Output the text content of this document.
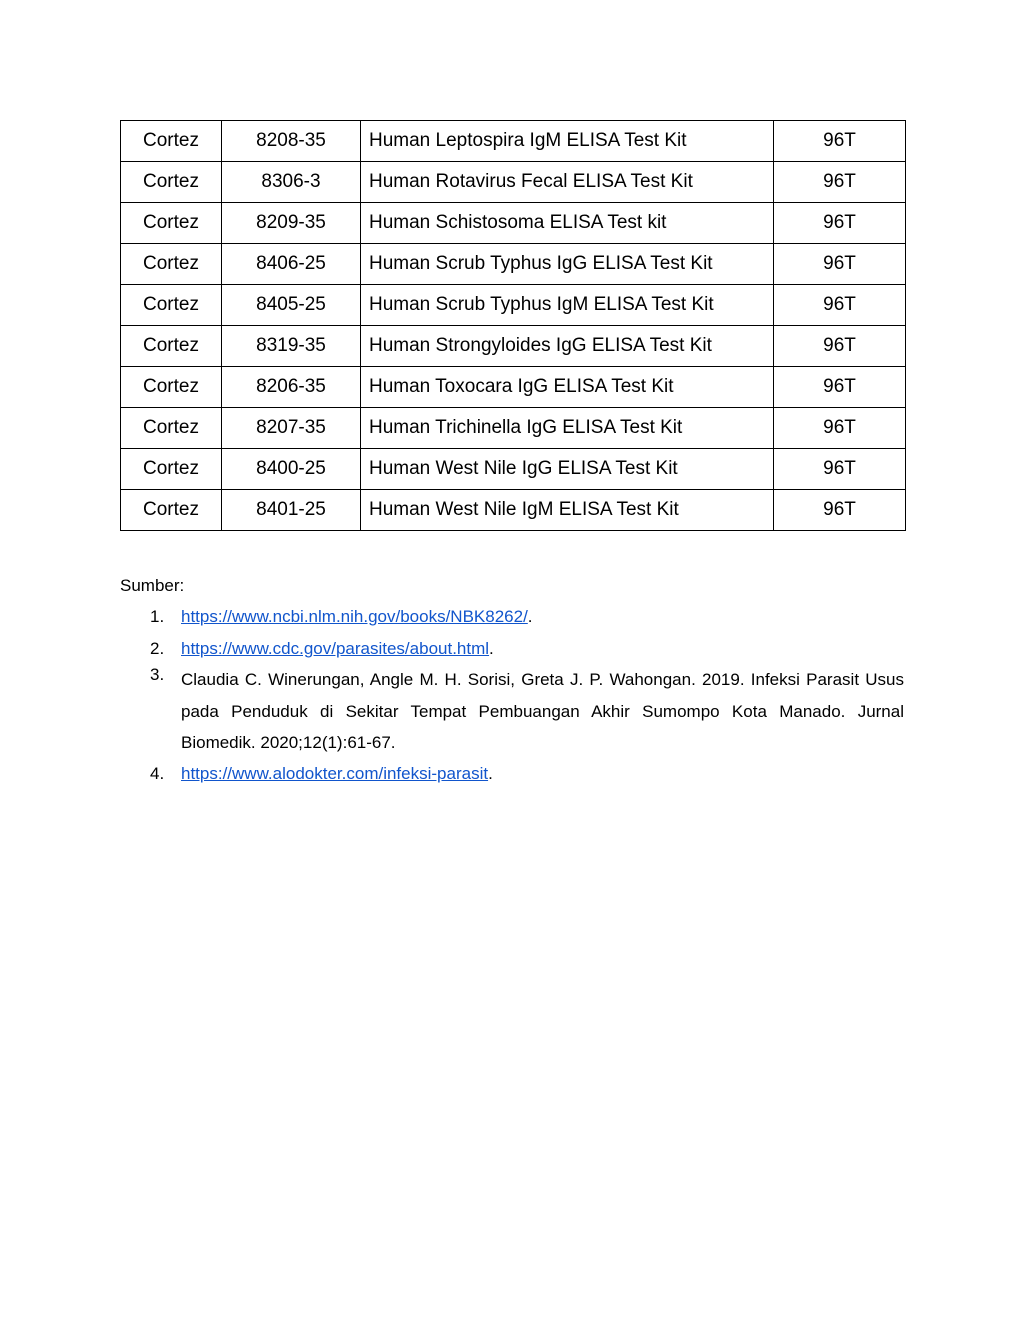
Cortez	8208-35	Human Leptospira IgM ELISA Test Kit	96T
Cortez	8306-3	Human Rotavirus Fecal ELISA Test Kit	96T
Cortez	8209-35	Human Schistosoma ELISA Test kit	96T
Cortez	8406-25	Human Scrub Typhus IgG ELISA Test Kit	96T
Cortez	8405-25	Human Scrub Typhus IgM ELISA Test Kit	96T
Cortez	8319-35	Human Strongyloides IgG ELISA Test Kit	96T
Cortez	8206-35	Human Toxocara IgG ELISA Test Kit	96T
Cortez	8207-35	Human Trichinella IgG ELISA Test Kit	96T
Cortez	8400-25	Human West Nile IgG ELISA Test Kit	96T
Cortez	8401-25	Human West Nile IgM ELISA Test Kit	96T

Sumber:

1. https://www.ncbi.nlm.nih.gov/books/NBK8262/.
2. https://www.cdc.gov/parasites/about.html.
3. Claudia C. Winerungan, Angle M. H. Sorisi, Greta J. P. Wahongan. 2019. Infeksi Parasit Usus pada Penduduk di Sekitar Tempat Pembuangan Akhir Sumompo Kota Manado. Jurnal Biomedik. 2020;12(1):61-67.
4. https://www.alodokter.com/infeksi-parasit.
